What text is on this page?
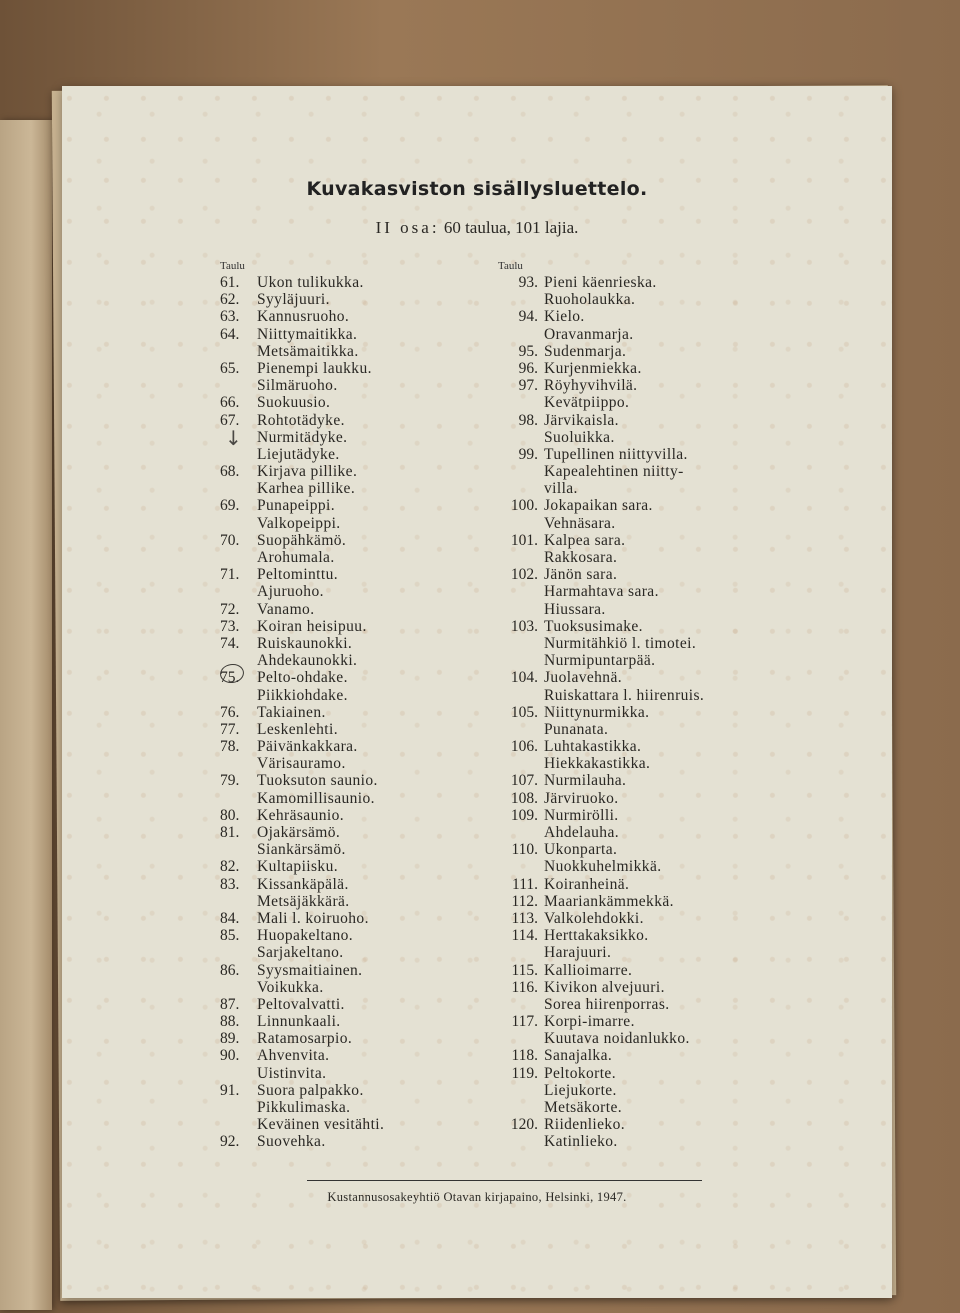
Kuvakasviston sisällysluettelo.
II osa: 60 taulua, 101 lajia.
Taulu
61.	Ukon tulikukka.
62.	Syyläjuuri.
63.	Kannusruoho.
64.	Niittymaitikka.
Metsämaitikka.
65.	Pienempi laukku.
Silmäruoho.
66.	Suokuusio.
67.	Rohtotädyke.
Nurmitädyke.
Liejutädyke.
68.	Kirjava pillike.
Karhea pillike.
69.	Punapeippi.
Valkopeippi.
70.	Suopähkämö.
Arohumala.
71.	Peltominttu.
Ajuruoho.
72.	Vanamo.
73.	Koiran heisipuu.
74.	Ruiskaunokki.
Ahdekaunokki.
75.	Pelto-ohdake.
Piikkiohdake.
76.	Takiainen.
77.	Leskenlehti.
78.	Päivänkakkara.
Värisauramo.
79.	Tuoksuton saunio.
Kamomillisaunio.
80.	Kehräsaunio.
81.	Ojakärsämö.
Siankärsämö.
82.	Kultapiisku.
83.	Kissankäpälä.
Metsäjäkkärä.
84.	Mali l. koiruoho.
85.	Huopakeltano.
Sarjakeltano.
86.	Syysmaitiainen.
Voikukka.
87.	Peltovalvatti.
88.	Linnunkaali.
89.	Ratamosarpio.
90.	Ahvenvita.
Uistinvita.
91.	Suora palpakko.
Pikkulimaska.
Keväinen vesitähti.
92.	Suovehka.
Taulu
93. Pieni käenrieska.
Ruoholaukka.
94. Kielo.
Oravanmarja.
95. Sudenmarja.
96. Kurjenmiekka.
97. Röyhyvihvilä.
Kevätpiippo.
98. Järvikaisla.
Suoluikka.
99. Tupellinen niittyvilla.
Kapealehtinen niitty-
villa.
100. Jokapaikan sara.
Vehnäsara.
101. Kalpea sara.
Rakkosara.
102. Jänön sara.
Harmahtava sara.
Hiussara.
103. Tuoksusimake.
Nurmitähkiö l. timotei.
Nurmipuntarpää.
104. Juolavehnä.
Ruiskattara l. hiirenruis.
105. Niittynurmikka.
Punanata.
106. Luhtakastikka.
Hiekkakastikka.
107. Nurmilauha.
108. Järviruoko.
109. Nurmirölli.
Ahdelauha.
110. Ukonparta.
Nuokkuhelmikkä.
111. Koiranheinä.
112. Maariankämmekkä.
113. Valkolehdokki.
114. Herttakaksikko.
Harajuuri.
115. Kallioimarre.
116. Kivikon alvejuuri.
Sorea hiirenporras.
117. Korpi-imarre.
Kuutava noidanlukko.
118. Sanajalka.
119. Peltokorte.
Liejukorte.
Metsäkorte.
120. Riidenlieko.
Katinlieko.
↓
Kustannusosakeyhtiö Otavan kirjapaino, Helsinki, 1947.
